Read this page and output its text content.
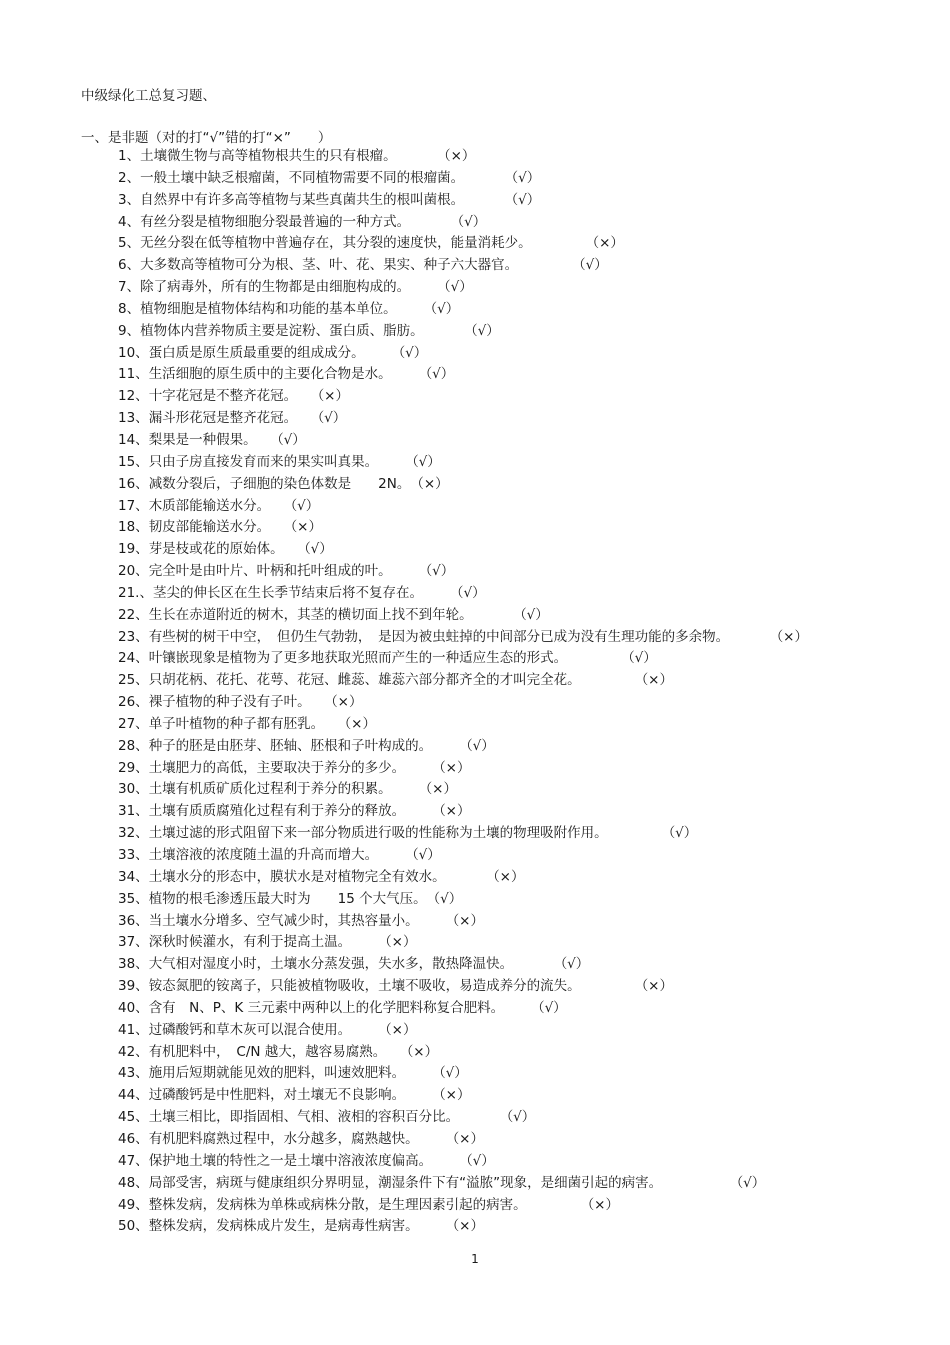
中级绿化工总复习题、
一、是非题（对的打“√”错的打“×”　　）
1、土壤微生物与高等植物根共生的只有根瘤。	（×）
2、一般土壤中缺乏根瘤菌，不同植物需要不同的根瘤菌。	（√）
3、自然界中有许多高等植物与某些真菌共生的根叫菌根。	（√）
4、有丝分裂是植物细胞分裂最普遍的一种方式。	（√）
5、无丝分裂在低等植物中普遍存在，其分裂的速度快，能量消耗少。	（×）
6、大多数高等植物可分为根、茎、叶、花、果实、种子六大器官。	（√）
7、除了病毒外，所有的生物都是由细胞构成的。 （√）
8、植物细胞是植物体结构和功能的基本单位。 （√）
9、植物体内营养物质主要是淀粉、蛋白质、脂肪。	（√）
10、蛋白质是原生质最重要的组成成分。 （√）
11、生活细胞的原生质中的主要化合物是水。 （√）
12、十字花冠是不整齐花冠。 （×）
13、漏斗形花冠是整齐花冠。 （√）
14、梨果是一种假果。 （√）
15、只由子房直接发育而来的果实叫真果。 （√）
16、减数分裂后，子细胞的染色体数是　　2N。（×）
17、木质部能输送水分。 （√）
18、韧皮部能输送水分。 （×）
19、芽是枝或花的原始体。 （√）
20、完全叶是由叶片、叶柄和托叶组成的叶。 （√）
21.、茎尖的伸长区在生长季节结束后将不复存在。 （√）
22、生长在赤道附近的树木，其茎的横切面上找不到年轮。	（√）
23、有些树的树干中空，　但仍生气勃勃，　是因为被虫蛀掉的中间部分已成为没有生理功能的多余物。	（×）
24、叶镶嵌现象是植物为了更多地获取光照而产生的一种适应生态的形式。	（√）
25、只胡花柄、花托、花萼、花冠、雌蕊、雄蕊六部分都齐全的才叫完全花。	（×）
26、裸子植物的种子没有子叶。 （×）
27、单子叶植物的种子都有胚乳。 （×）
28、种子的胚是由胚芽、胚轴、胚根和子叶构成的。 （√）
29、土壤肥力的高低，主要取决于养分的多少。 （×）
30、土壤有机质矿质化过程利于养分的积累。 （×）
31、土壤有质质腐殖化过程有利于养分的释放。 （×）
32、土壤过滤的形式阻留下来一部分物质进行吸的性能称为土壤的物理吸附作用。	（√）
33、土壤溶液的浓度随土温的升高而增大。 （√）
34、土壤水分的形态中，膜状水是对植物完全有效水。	（×）
35、植物的根毛渗透压最大时为　　15 个大气压。（√）
36、当土壤水分增多、空气减少时，其热容量小。 （×）
37、深秋时候灌水，有利于提高土温。 （×）
38、大气相对湿度小时，土壤水分蒸发强，失水多，散热降温快。	（√）
39、铵态氮肥的铵离子，只能被植物吸收，土壤不吸收，易造成养分的流失。	（×）
40、含有　N、P、K 三元素中两种以上的化学肥料称复合肥料。 （√）
41、过磷酸钙和草木灰可以混合使用。 （×）
42、有机肥料中，　C/N 越大，越容易腐熟。 （×）
43、施用后短期就能见效的肥料，叫速效肥料。 （√）
44、过磷酸钙是中性肥料，对土壤无不良影响。 （×）
45、土壤三相比，即指固相、气相、液相的容积百分比。	（√）
46、有机肥料腐熟过程中，水分越多，腐熟越快。 （×）
47、保护地土壤的特性之一是土壤中溶液浓度偏高。 （√）
48、局部受害，病斑与健康组织分界明显，潮湿条件下有“溢脓”现象，是细菌引起的病害。	（√）
49、整株发病，发病株为单株或病株分散，是生理因素引起的病害。	（×）
50、整株发病，发病株成片发生，是病毒性病害。 （×）
1
